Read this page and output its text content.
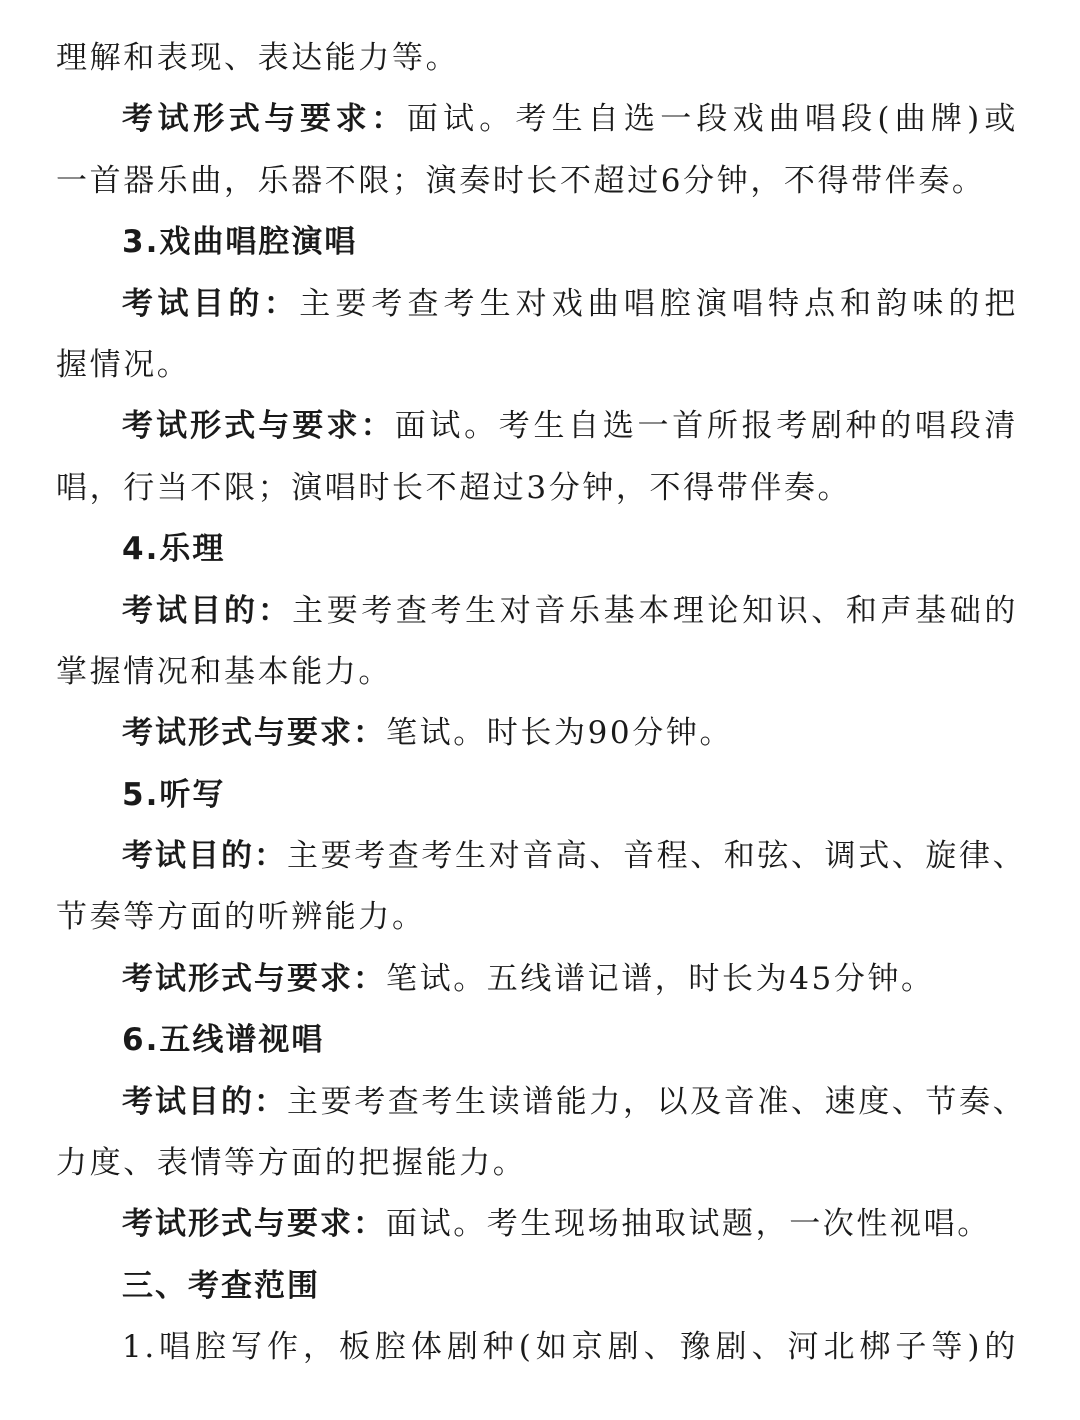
理解和表现、表达能力等。
考试形式与要求：面试。考生自选一段戏曲唱段(曲牌)或
一首器乐曲，乐器不限；演奏时长不超过6分钟，不得带伴奏。
3.戏曲唱腔演唱
考试目的：主要考查考生对戏曲唱腔演唱特点和韵味的把
握情况。
考试形式与要求：面试。考生自选一首所报考剧种的唱段清
唱，行当不限；演唱时长不超过3分钟，不得带伴奏。
4.乐理
考试目的：主要考查考生对音乐基本理论知识、和声基础的
掌握情况和基本能力。
考试形式与要求：笔试。时长为90分钟。
5.听写
考试目的：主要考查考生对音高、音程、和弦、调式、旋律、
节奏等方面的听辨能力。
考试形式与要求：笔试。五线谱记谱，时长为45分钟。
6.五线谱视唱
考试目的：主要考查考生读谱能力，以及音准、速度、节奏、
力度、表情等方面的把握能力。
考试形式与要求：面试。考生现场抽取试题，一次性视唱。
三、考查范围
1.唱腔写作，板腔体剧种(如京剧、豫剧、河北梆子等)的
